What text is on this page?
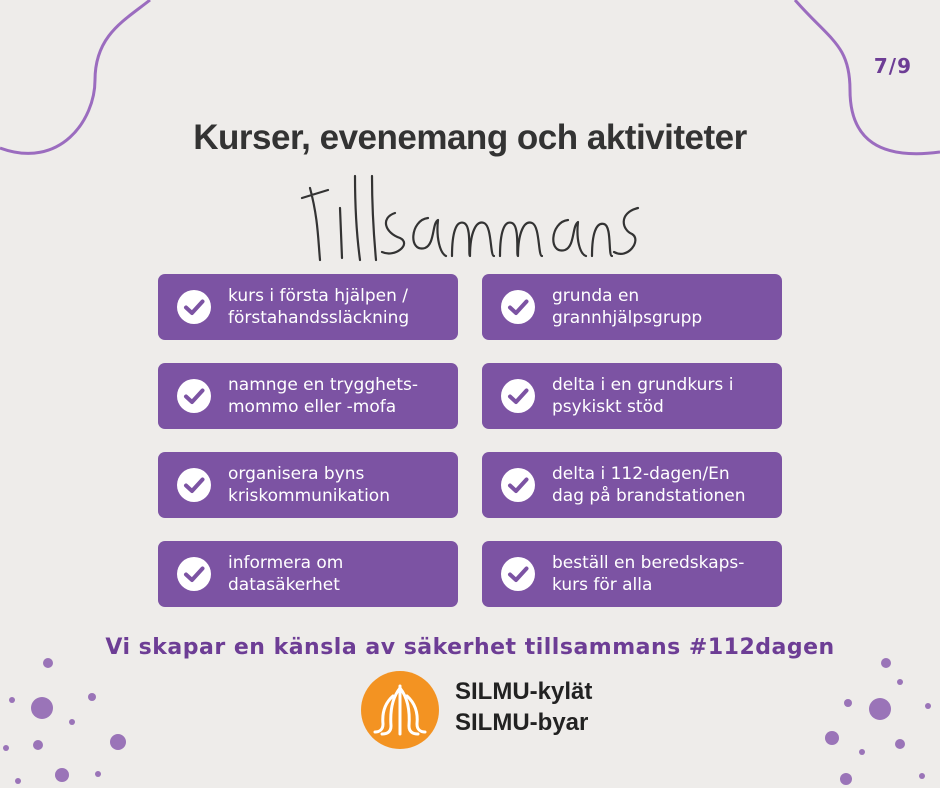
7/9
Kurser, evenemang och aktiviteter
kurs i första hjälpen /
förstahandssläckning
grunda en
grannhjälpsgrupp
namnge en trygghets-
mommo eller -mofa
delta i en grundkurs i
psykiskt stöd
organisera byns
kriskommunikation
delta i 112-dagen/En
dag på brandstationen
informera om
datasäkerhet
beställ en beredskaps-
kurs för alla
Vi skapar en känsla av säkerhet tillsammans #112dagen
SILMU-kylät
SILMU-byar
